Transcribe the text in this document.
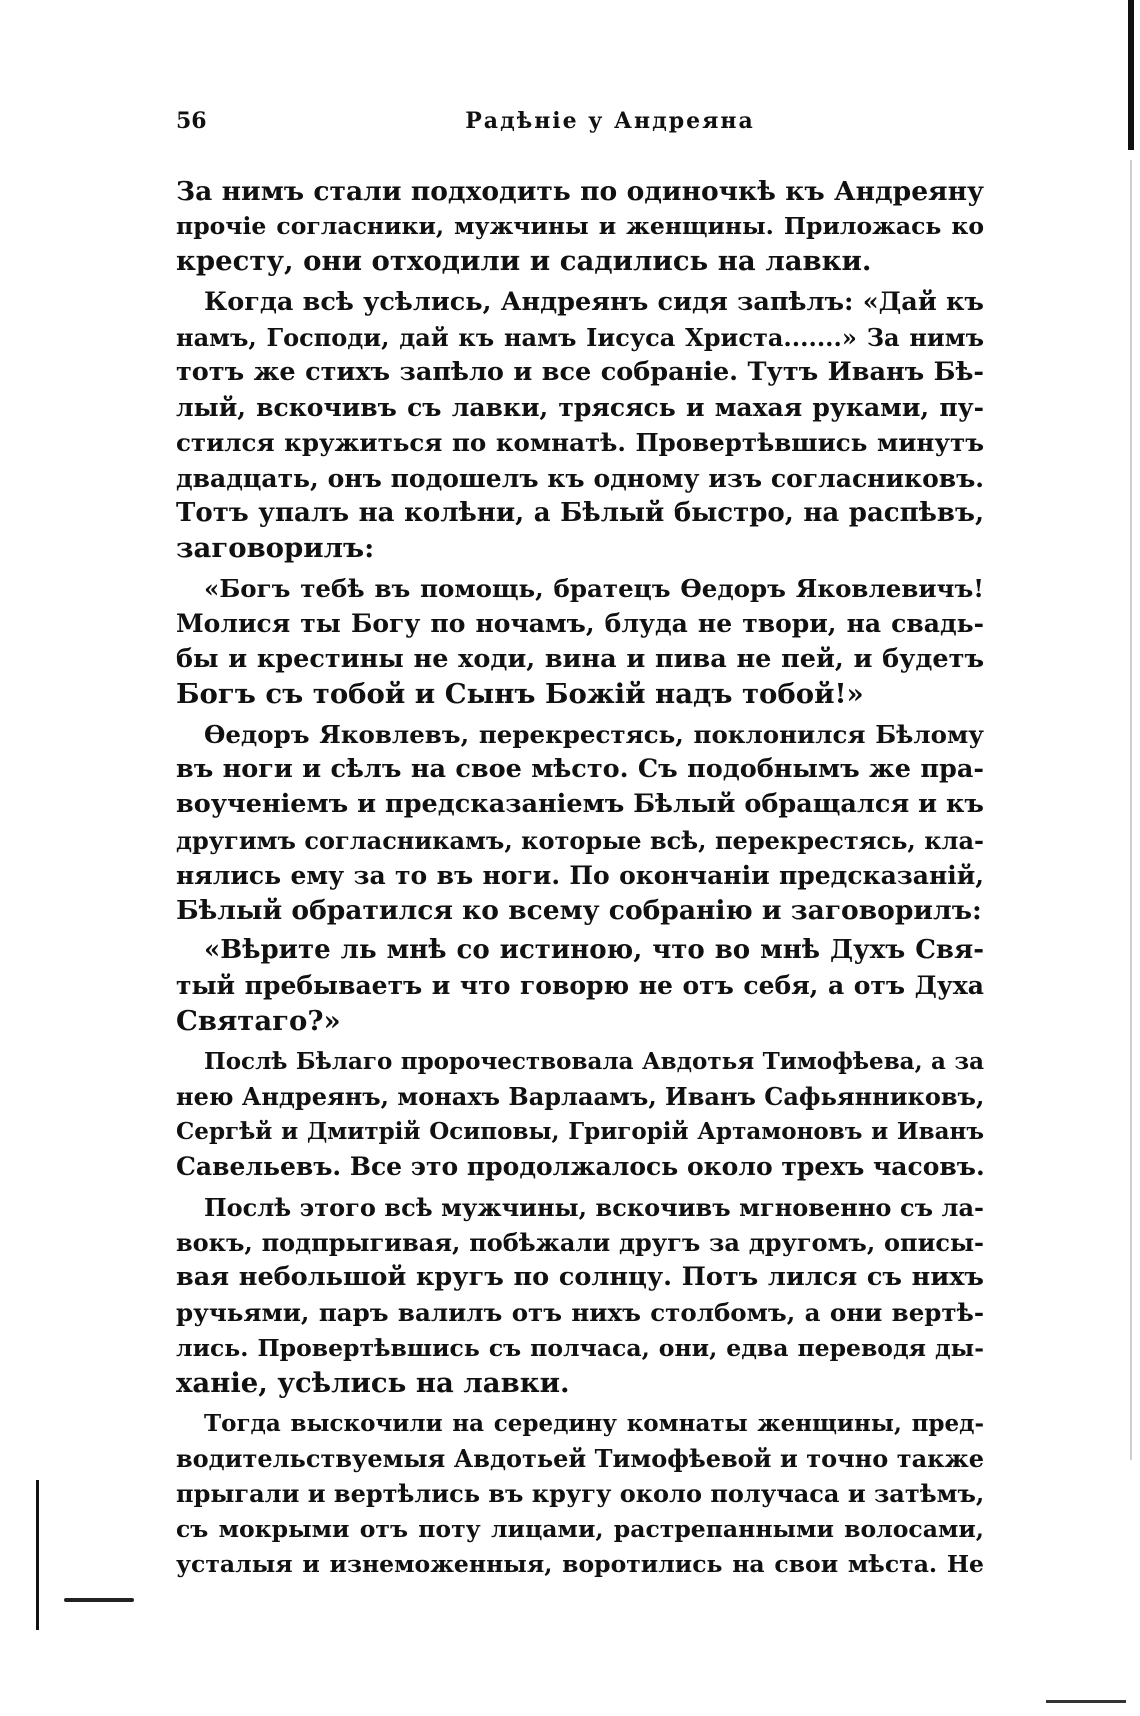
56	Радѣніе у Андреяна

За нимъ стали подходить по одиночкѣ къ Андреяну
прочіе согласники, мужчины и женщины. Приложась ко
кресту, они отходили и садились на лавки.

Когда всѣ усѣлись, Андреянъ сидя запѣлъ: «Дай къ
намъ, Господи, дай къ намъ Іисуса Христа.......» За нимъ
тотъ же стихъ запѣло и все собраніе. Тутъ Иванъ Бѣ-
лый, вскочивъ съ лавки, трясясь и махая руками, пу-
стился кружиться по комнатѣ. Провертѣвшись минутъ
двадцать, онъ подошелъ къ одному изъ согласниковъ.
Тотъ упалъ на колѣни, а Бѣлый быстро, на распѣвъ,
заговорилъ:

«Богъ тебѣ въ помощь, братецъ Ѳедоръ Яковлевичъ!
Молися ты Богу по ночамъ, блуда не твори, на свадь-
бы и крестины не ходи, вина и пива не пей, и будетъ
Богъ съ тобой и Сынъ Божій надъ тобой!»

Ѳедоръ Яковлевъ, перекрестясь, поклонился Бѣлому
въ ноги и сѣлъ на свое мѣсто. Съ подобнымъ же пра-
воученіемъ и предсказаніемъ Бѣлый обращался и къ
другимъ согласникамъ, которые всѣ, перекрестясь, кла-
нялись ему за то въ ноги. По окончаніи предсказаній,
Бѣлый обратился ко всему собранію и заговорилъ:

«Вѣрите ль мнѣ со истиною, что во мнѣ Духъ Свя-
тый пребываетъ и что говорю не отъ себя, а отъ Духа
Святаго?»

Послѣ Бѣлаго пророчествовала Авдотья Тимофѣева, а за
нею Андреянъ, монахъ Варлаамъ, Иванъ Сафьянниковъ,
Сергѣй и Дмитрій Осиповы, Григорій Артамоновъ и Иванъ
Савельевъ. Все это продолжалось около трехъ часовъ.

Послѣ этого всѣ мужчины, вскочивъ мгновенно съ ла-
вокъ, подпрыгивая, побѣжали другъ за другомъ, описы-
вая небольшой кругъ по солнцу. Потъ лился съ нихъ
ручьями, паръ валилъ отъ нихъ столбомъ, а они вертѣ-
лись. Провертѣвшись съ полчаса, они, едва переводя ды-
ханіе, усѣлись на лавки.

Тогда выскочили на середину комнаты женщины, пред-
водительствуемыя Авдотьей Тимофѣевой и точно также
прыгали и вертѣлись въ кругу около получаса и затѣмъ,
съ мокрыми отъ поту лицами, растрепанными волосами,
усталыя и изнеможенныя, воротились на свои мѣста. Не
